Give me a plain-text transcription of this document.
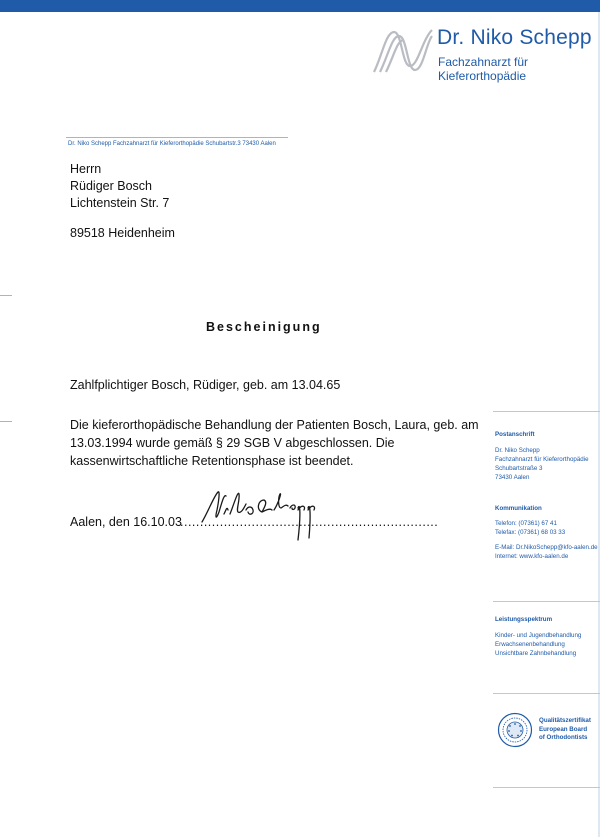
Dr. Niko Schepp
Fachzahnarzt für Kieferorthopädie
Dr. Niko Schepp Fachzahnarzt für Kieferorthopädie Schubartstr.3 73430 Aalen
Herrn
Rüdiger Bosch
Lichtenstein Str. 7
89518 Heidenheim
Bescheinigung
Zahlfplichtiger Bosch, Rüdiger, geb. am 13.04.65
Die kieferorthopädische Behandlung der Patienten Bosch, Laura, geb. am
13.03.1994 wurde gemäß § 29 SGB V abgeschlossen. Die
kassenwirtschaftliche Retentionsphase ist beendet.
Aalen, den 16.10.03
.................................................................
Postanschrift
Dr. Niko Schepp
Fachzahnarzt für Kieferorthopädie
Schubartstraße 3
73430 Aalen
Kommunikation
Telefon: (07361) 67 41
Telefax: (07361) 68 03 33
E-Mail: Dr.NikoSchepp@kfo-aalen.de
Internet: www.kfo-aalen.de
Leistungsspektrum
Kinder- und Jugendbehandlung
Erwachsenenbehandlung
Unsichtbare Zahnbehandlung
Qualitätszertifikat
European Board
of Orthodontists
